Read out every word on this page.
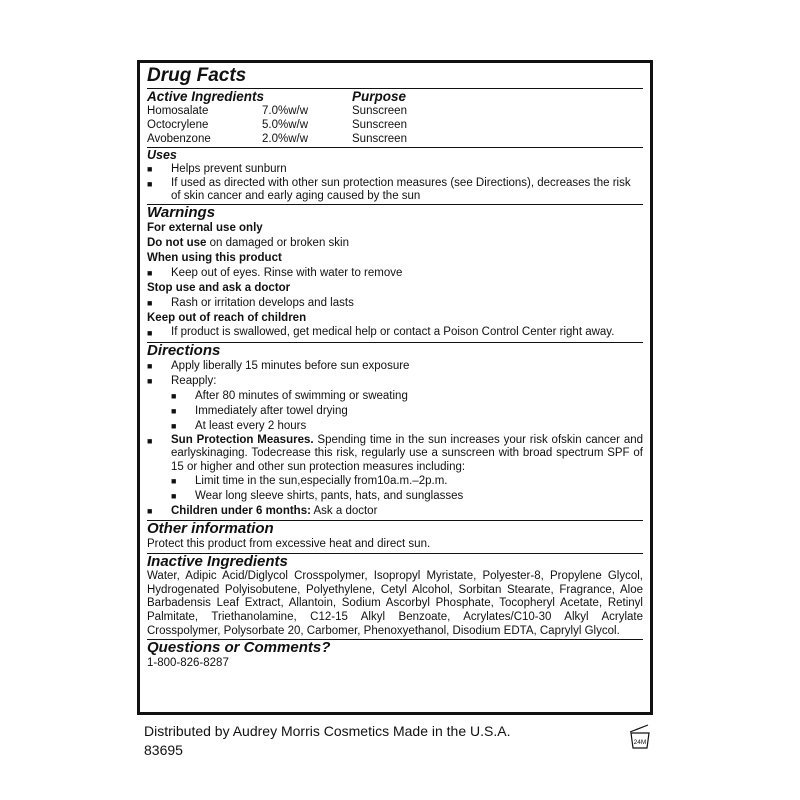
Drug Facts
Active Ingredients	Purpose
Homosalate	7.0%w/w	Sunscreen
Octocrylene	5.0%w/w	Sunscreen
Avobenzone	2.0%w/w	Sunscreen
Uses
■	Helps prevent sunburn
■	If used as directed with other sun protection measures (see Directions), decreases the risk of skin cancer and early aging caused by the sun
Warnings
For external use only
Do not use on damaged or broken skin
When using this product
■	Keep out of eyes. Rinse with water to remove
Stop use and ask a doctor
■	Rash or irritation develops and lasts
Keep out of reach of children
■	If product is swallowed, get medical help or contact a Poison Control Center right away.
Directions
■	Apply liberally 15 minutes before sun exposure
■	Reapply:
■	After 80 minutes of swimming or sweating
■	Immediately after towel drying
■	At least every 2 hours
■	Sun Protection Measures. Spending time in the sun increases your risk ofskin cancer and earlyskinaging. Todecrease this risk, regularly use a sunscreen with broad spectrum SPF of 15 or higher and other sun protection measures including:
■	Limit time in the sun,especially from10a.m.–2p.m.
■	Wear long sleeve shirts, pants, hats, and sunglasses
■	Children under 6 months: Ask a doctor
Other information
Protect this product from excessive heat and direct sun.
Inactive Ingredients
Water, Adipic Acid/Diglycol Crosspolymer, Isopropyl Myristate, Polyester-8, Propylene Glycol, Hydrogenated Polyisobutene, Polyethylene, Cetyl Alcohol, Sorbitan Stearate, Fragrance, Aloe Barbadensis Leaf Extract, Allantoin, Sodium Ascorbyl Phosphate, Tocopheryl Acetate, Retinyl Palmitate, Triethanolamine, C12-15 Alkyl Benzoate, Acrylates/C10-30 Alkyl Acrylate Crosspolymer, Polysorbate 20, Carbomer, Phenoxyethanol, Disodium EDTA, Caprylyl Glycol.
Questions or Comments?
1-800-826-8287
Distributed by Audrey Morris Cosmetics Made in the U.S.A.
83695	24M
